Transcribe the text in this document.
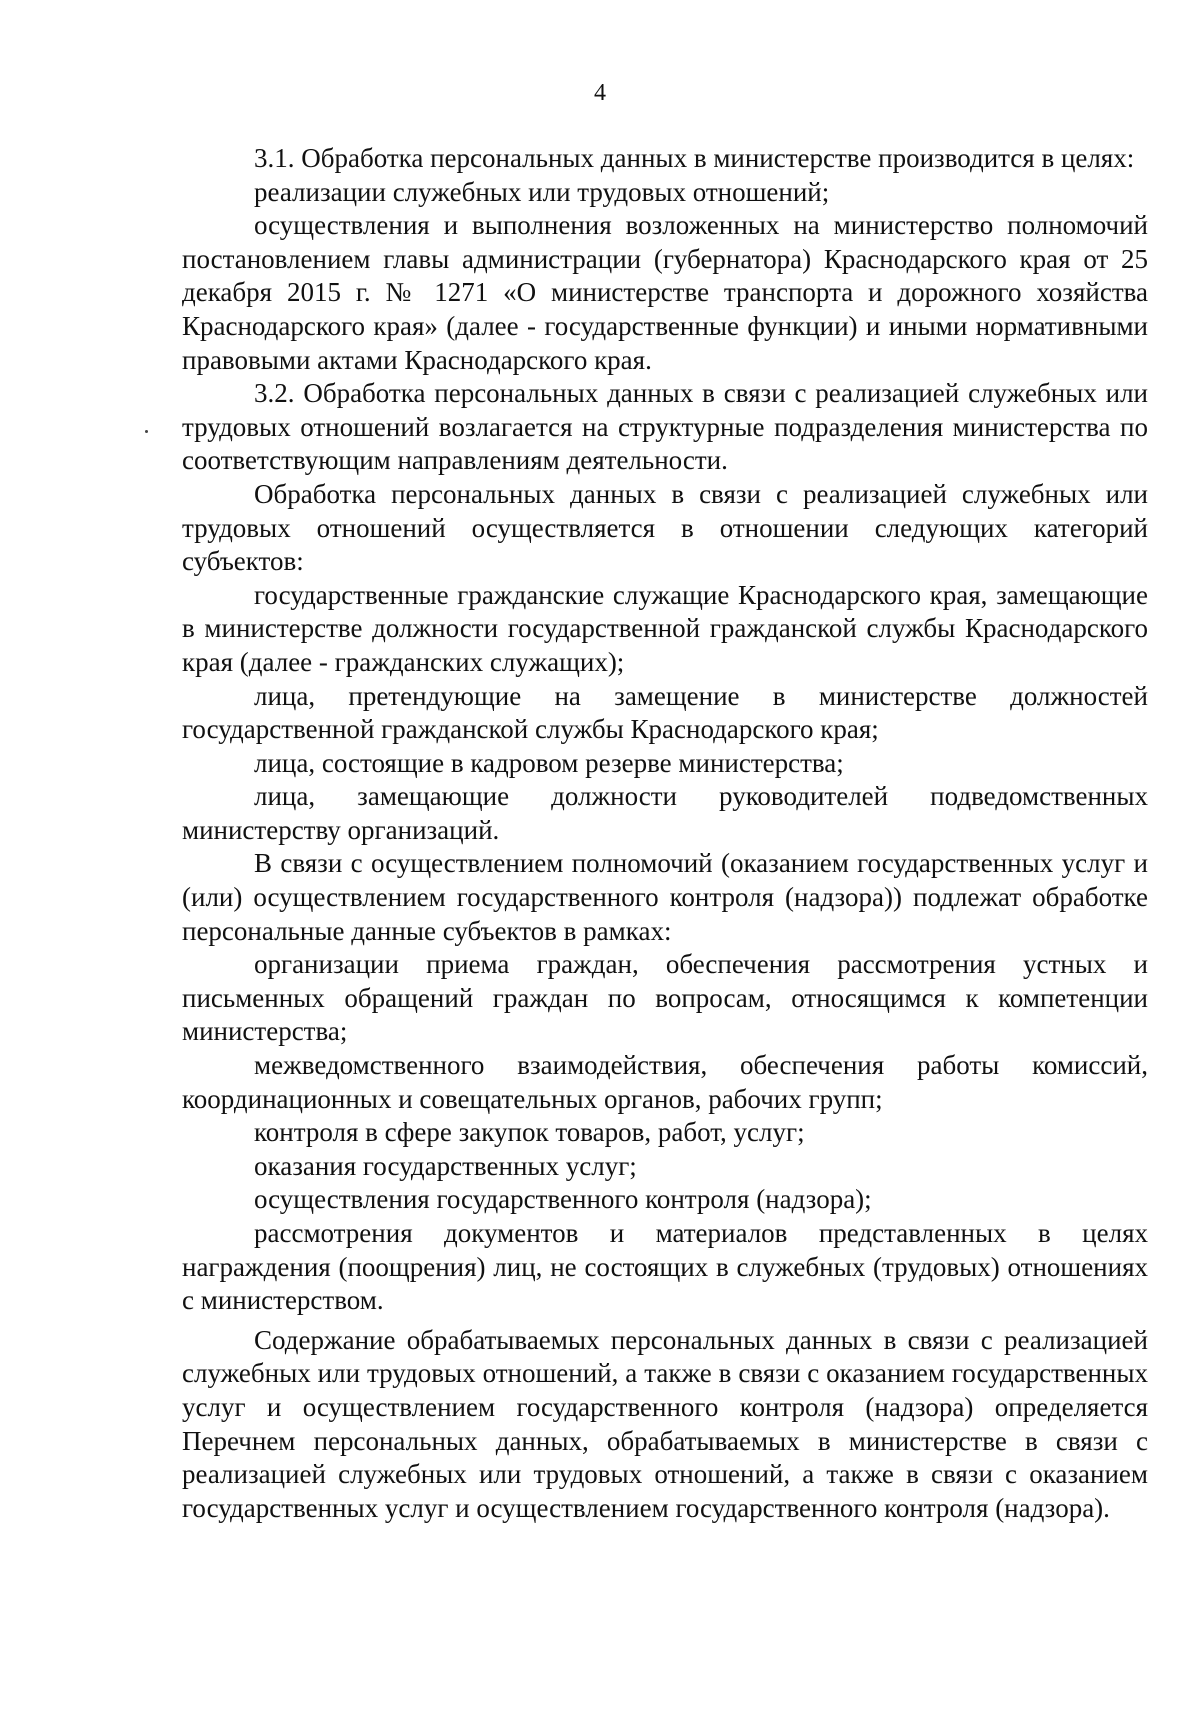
4

3.1. Обработка персональных данных в министерстве производится в целях:

реализации служебных или трудовых отношений;

осуществления и выполнения возложенных на министерство полномочий постановлением главы администрации (губернатора) Краснодарского края от 25 декабря 2015 г. № 1271 «О министерстве транспорта и дорожного хозяйства Краснодарского края» (далее - государственные функции) и иными нормативными правовыми актами Краснодарского края.

3.2. Обработка персональных данных в связи с реализацией служебных или трудовых отношений возлагается на структурные подразделения министерства по соответствующим направлениям деятельности.

Обработка персональных данных в связи с реализацией служебных или трудовых отношений осуществляется в отношении следующих категорий субъектов:

государственные гражданские служащие Краснодарского края, замещающие в министерстве должности государственной гражданской службы Краснодарского края (далее - гражданских служащих);

лица, претендующие на замещение в министерстве должностей государственной гражданской службы Краснодарского края;

лица, состоящие в кадровом резерве министерства;

лица, замещающие должности руководителей подведомственных министерству организаций.

В связи с осуществлением полномочий (оказанием государственных услуг и (или) осуществлением государственного контроля (надзора)) подлежат обработке персональные данные субъектов в рамках:

организации приема граждан, обеспечения рассмотрения устных и письменных обращений граждан по вопросам, относящимся к компетенции министерства;

межведомственного взаимодействия, обеспечения работы комиссий, координационных и совещательных органов, рабочих групп;

контроля в сфере закупок товаров, работ, услуг;

оказания государственных услуг;

осуществления государственного контроля (надзора);

рассмотрения документов и материалов представленных в целях награждения (поощрения) лиц, не состоящих в служебных (трудовых) отношениях с министерством.

Содержание обрабатываемых персональных данных в связи с реализацией служебных или трудовых отношений, а также в связи с оказанием государственных услуг и осуществлением государственного контроля (надзора) определяется Перечнем персональных данных, обрабатываемых в министерстве в связи с реализацией служебных или трудовых отношений, а также в связи с оказанием государственных услуг и осуществлением государственного контроля (надзора).
